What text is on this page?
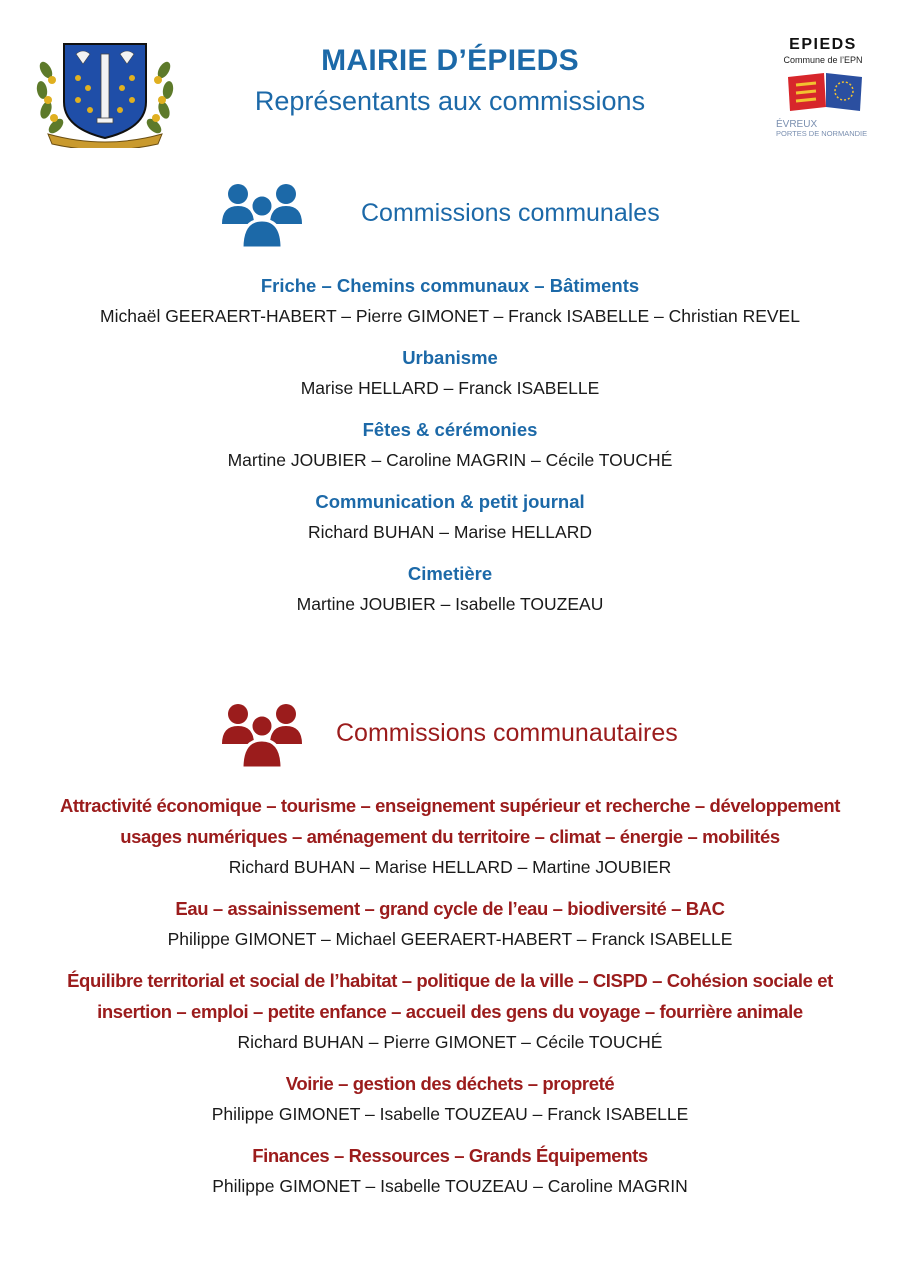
MAIRIE D’ÉPIEDS
Représentants aux commissions
EPIEDS
Commune de l’EPN
ÉVREUX
PORTES DE NORMANDIE
Commissions communales
Friche – Chemins communaux – Bâtiments
Michaël GEERAERT-HABERT – Pierre GIMONET – Franck ISABELLE – Christian REVEL
Urbanisme
Marise HELLARD – Franck ISABELLE
Fêtes & cérémonies
Martine JOUBIER – Caroline MAGRIN – Cécile TOUCHÉ
Communication & petit journal
Richard BUHAN – Marise HELLARD
Cimetière
Martine JOUBIER – Isabelle TOUZEAU
Commissions communautaires
Attractivité économique – tourisme – enseignement supérieur et recherche – développement
usages numériques – aménagement du territoire – climat – énergie – mobilités
Richard BUHAN – Marise HELLARD – Martine JOUBIER
Eau – assainissement – grand cycle de l’eau – biodiversité – BAC
Philippe GIMONET – Michael GEERAERT-HABERT – Franck ISABELLE
Équilibre territorial et social de l’habitat – politique de la ville – CISPD – Cohésion sociale et
insertion – emploi – petite enfance – accueil des gens du voyage – fourrière animale
Richard BUHAN – Pierre GIMONET – Cécile TOUCHÉ
Voirie – gestion des déchets – propreté
Philippe GIMONET – Isabelle TOUZEAU – Franck ISABELLE
Finances – Ressources – Grands Équipements
Philippe GIMONET – Isabelle TOUZEAU – Caroline MAGRIN
